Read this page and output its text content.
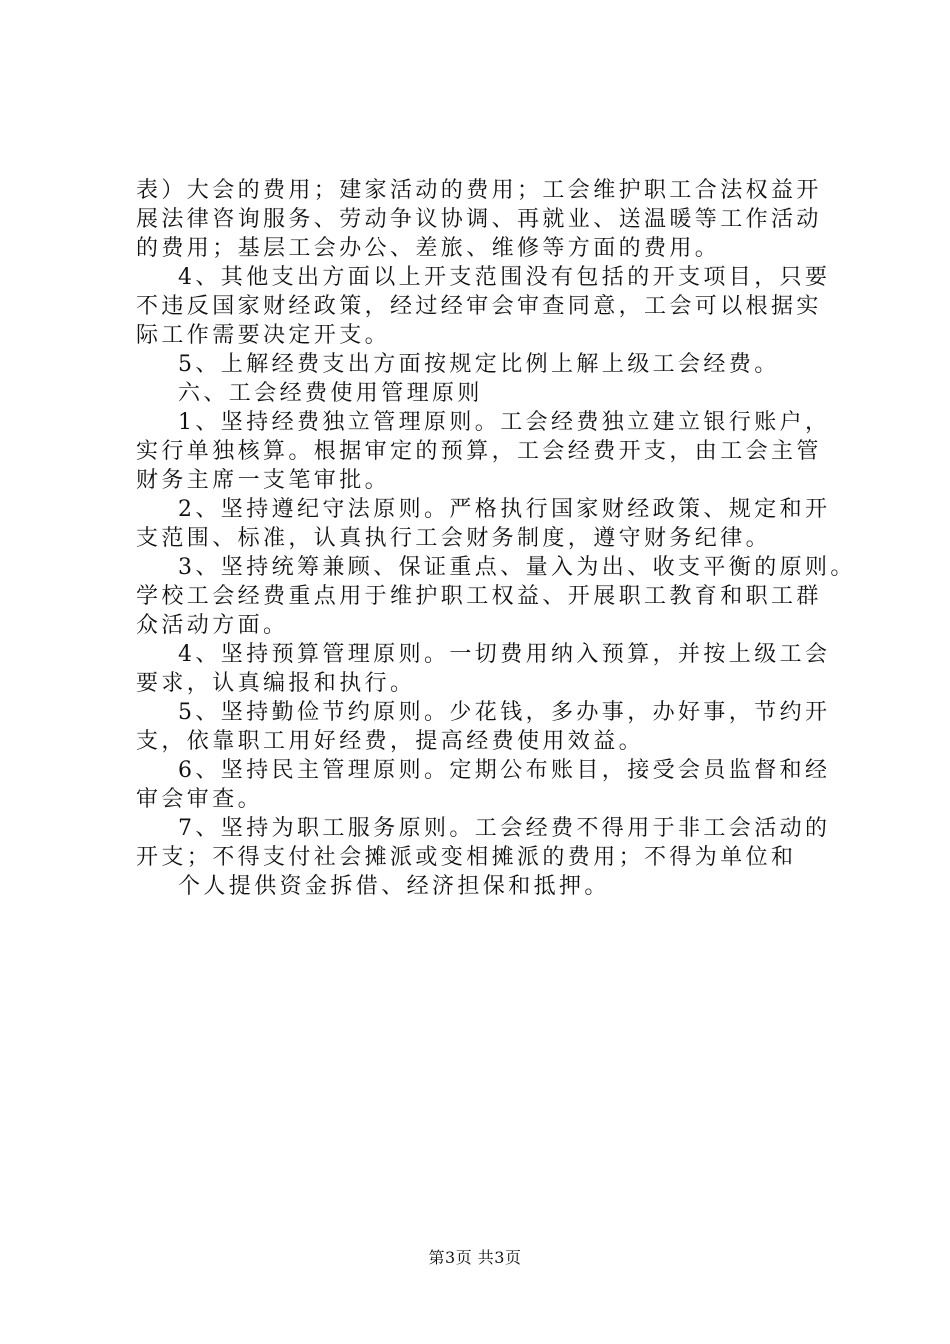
表）大会的费用；建家活动的费用；工会维护职工合法权益开
展法律咨询服务、劳动争议协调、再就业、送温暖等工作活动
的费用；基层工会办公、差旅、维修等方面的费用。
4、其他支出方面以上开支范围没有包括的开支项目，只要
不违反国家财经政策，经过经审会审查同意，工会可以根据实
际工作需要决定开支。
5、上解经费支出方面按规定比例上解上级工会经费。
六、工会经费使用管理原则
1、坚持经费独立管理原则。工会经费独立建立银行账户，
实行单独核算。根据审定的预算，工会经费开支，由工会主管
财务主席一支笔审批。
2、坚持遵纪守法原则。严格执行国家财经政策、规定和开
支范围、标准，认真执行工会财务制度，遵守财务纪律。
3、坚持统筹兼顾、保证重点、量入为出、收支平衡的原则。
学校工会经费重点用于维护职工权益、开展职工教育和职工群
众活动方面。
4、坚持预算管理原则。一切费用纳入预算，并按上级工会
要求，认真编报和执行。
5、坚持勤俭节约原则。少花钱，多办事，办好事，节约开
支，依靠职工用好经费，提高经费使用效益。
6、坚持民主管理原则。定期公布账目，接受会员监督和经
审会审查。
7、坚持为职工服务原则。工会经费不得用于非工会活动的
开支；不得支付社会摊派或变相摊派的费用；不得为单位和
个人提供资金拆借、经济担保和抵押。
第3页 共3页
